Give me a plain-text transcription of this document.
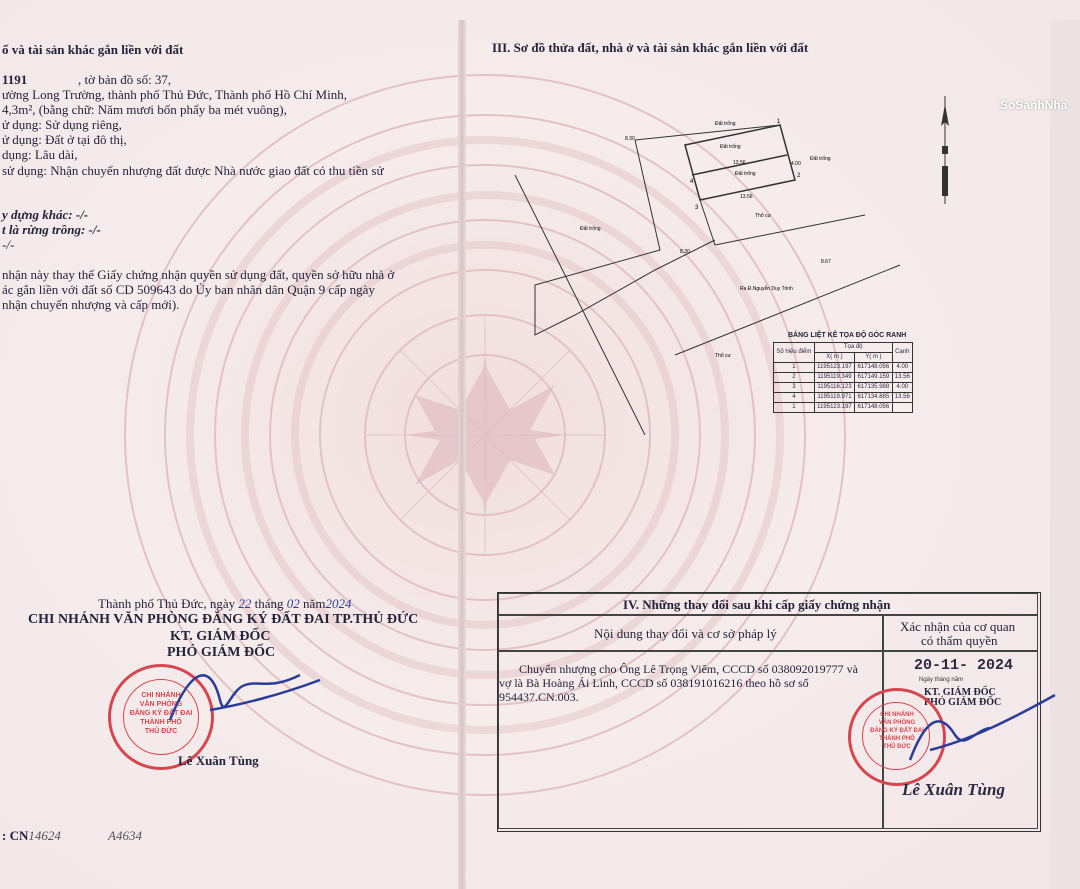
ố và tài sản khác gắn liền với đất
1191	, tờ bản đồ số: 37,
ường Long Trường, thành phố Thủ Đức, Thành phố Hồ Chí Minh,
4,3m², (bằng chữ: Năm mươi bốn phẩy ba mét vuông),
ử dụng: Sử dụng riêng,
ử dụng: Đất ở tại đô thị,
dụng: Lâu dài,
sử dụng: Nhận chuyển nhượng đất được Nhà nước giao đất có thu tiền sử
y dựng khác: -/-
t là rừng trồng: -/-
-/-
nhận này thay thế Giấy chứng nhận quyền sử dụng đất, quyền sở hữu nhà ở
ác gắn liền với đất số CD 509643 do Ủy ban nhân dân Quận 9 cấp ngày
nhận chuyển nhượng và cấp mới).
Thành phố Thủ Đức, ngày 22 tháng 02 năm2024
CHI NHÁNH VĂN PHÒNG ĐĂNG KÝ ĐẤT ĐAI TP.THỦ ĐỨC
KT. GIÁM ĐỐC
PHÓ GIÁM ĐỐC
CHI NHÁNH
VĂN PHÒNG
ĐĂNG KÝ ĐẤT ĐAI
THÀNH PHỐ
THỦ ĐỨC
Lê Xuân Tùng
: CN14624	A4634
III. Sơ đồ thửa đất, nhà ở và tài sản khác gắn liền với đất
SoSanhNha
Đất trống
Đất trống
Đất trống
Đất trống
Đất trống
Thổ cư
Thổ cư
Ra Đ.Nguyễn Duy Trinh
8.30
8.30
13.56
13.56
4.00
8.67
4
2
3
1
BẢNG LIỆT KÊ TỌA ĐỘ GÓC RANH
Số hiệu điểm	Tọa độ		Cạnh
	X( m )	Y( m )	
1	1195123.197	617148.056	4.00
2	1195119.349	617149.159	13.56
3	1195116.123	617135.988	4.00
4	1195119.971	617134.885	13.56
1	1195123.197	617148.056	
IV. Những thay đổi sau khi cấp giấy chứng nhận
Nội dung thay đổi và cơ sở pháp lý	Xác nhận của cơ quan
có thẩm quyền
Chuyển nhượng cho Ông Lê Trọng Viêm, CCCD số 038092019777 và
vợ là Bà Hoàng Ái Linh, CCCD số 038191016216 theo hồ sơ số
954437.CN.003.
20-11- 2024
Ngày tháng năm
KT. GIÁM ĐỐC
PHÓ GIÁM ĐỐC
CHI NHÁNH
VĂN PHÒNG
ĐĂNG KÝ ĐẤT ĐAI
THÀNH PHỐ
THỦ ĐỨC
Lê Xuân Tùng
